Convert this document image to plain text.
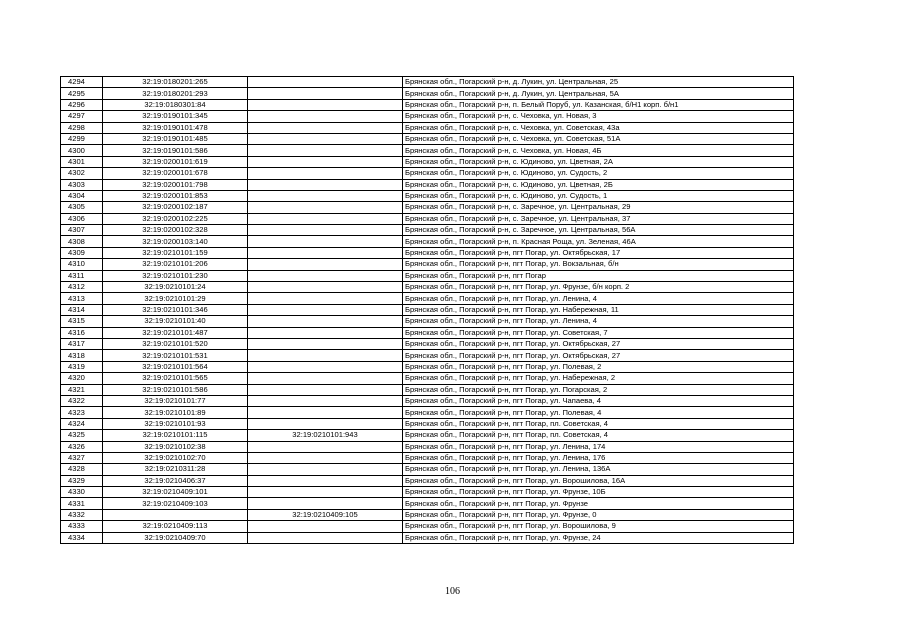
4294	32:19:0180201:265		Брянская обл., Погарский р-н, д. Лукин, ул. Центральная, 25
4295	32:19:0180201:293		Брянская обл., Погарский р-н, д. Лукин, ул. Центральная, 5А
4296	32:19:0180301:84		Брянская обл., Погарский р-н, п. Белый Поруб, ул. Казанская, б/Н1 корп. б/н1
4297	32:19:0190101:345		Брянская обл., Погарский р-н, с. Чеховка, ул. Новая, 3
4298	32:19:0190101:478		Брянская обл., Погарский р-н, с. Чеховка, ул. Советская, 43а
4299	32:19:0190101:485		Брянская обл., Погарский р-н, с. Чеховка, ул. Советская, 51А
4300	32:19:0190101:586		Брянская обл., Погарский р-н, с. Чеховка, ул. Новая, 4Б
4301	32:19:0200101:619		Брянская обл., Погарский р-н, с. Юдиново, ул. Цветная, 2А
4302	32:19:0200101:678		Брянская обл., Погарский р-н, с. Юдиново, ул. Судость, 2
4303	32:19:0200101:798		Брянская обл., Погарский р-н, с. Юдиново, ул. Цветная, 2Б
4304	32:19:0200101:853		Брянская обл., Погарский р-н, с. Юдиново, ул. Судость, 1
4305	32:19:0200102:187		Брянская обл., Погарский р-н, с. Заречное, ул. Центральная, 29
4306	32:19:0200102:225		Брянская обл., Погарский р-н, с. Заречное, ул. Центральная, 37
4307	32:19:0200102:328		Брянская обл., Погарский р-н, с. Заречное, ул. Центральная, 56А
4308	32:19:0200103:140		Брянская обл., Погарский р-н, п. Красная Роща, ул. Зеленая, 46А
4309	32:19:0210101:159		Брянская обл., Погарский р-н, пгт Погар, ул. Октябрьская, 17
4310	32:19:0210101:206		Брянская обл., Погарский р-н, пгт Погар, ул. Вокзальная, б/н
4311	32:19:0210101:230		Брянская обл., Погарский р-н, пгт Погар
4312	32:19:0210101:24		Брянская обл., Погарский р-н, пгт Погар, ул. Фрунзе, б/н корп. 2
4313	32:19:0210101:29		Брянская обл., Погарский р-н, пгт Погар, ул. Ленина, 4
4314	32:19:0210101:346		Брянская обл., Погарский р-н, пгт Погар, ул. Набережная, 11
4315	32:19:0210101:40		Брянская обл., Погарский р-н, пгт Погар, ул. Ленина, 4
4316	32:19:0210101:487		Брянская обл., Погарский р-н, пгт Погар, ул. Советская, 7
4317	32:19:0210101:520		Брянская обл., Погарский р-н, пгт Погар, ул. Октябрьская, 27
4318	32:19:0210101:531		Брянская обл., Погарский р-н, пгт Погар, ул. Октябрьская, 27
4319	32:19:0210101:564		Брянская обл., Погарский р-н, пгт Погар, ул. Полевая, 2
4320	32:19:0210101:565		Брянская обл., Погарский р-н, пгт Погар, ул. Набережная, 2
4321	32:19:0210101:586		Брянская обл., Погарский р-н, пгт Погар, ул. Погарская, 2
4322	32:19:0210101:77		Брянская обл., Погарский р-н, пгт Погар, ул. Чапаева, 4
4323	32:19:0210101:89		Брянская обл., Погарский р-н, пгт Погар, ул. Полевая, 4
4324	32:19:0210101:93		Брянская обл., Погарский р-н, пгт Погар, пл. Советская, 4
4325	32:19:0210101:115	32:19:0210101:943	Брянская обл., Погарский р-н, пгт Погар, пл. Советская, 4
4326	32:19:0210102:38		Брянская обл., Погарский р-н, пгт Погар, ул. Ленина, 174
4327	32:19:0210102:70		Брянская обл., Погарский р-н, пгт Погар, ул. Ленина, 176
4328	32:19:0210311:28		Брянская обл., Погарский р-н, пгт Погар, ул. Ленина, 136А
4329	32:19:0210406:37		Брянская обл., Погарский р-н, пгт Погар, ул. Ворошилова, 16А
4330	32:19:0210409:101		Брянская обл., Погарский р-н, пгт Погар, ул. Фрунзе, 10Б
4331	32:19:0210409:103		Брянская обл., Погарский р-н, пгт Погар, ул. Фрунзе
4332		32:19:0210409:105	Брянская обл., Погарский р-н, пгт Погар, ул. Фрунзе, 0
4333	32:19:0210409:113		Брянская обл., Погарский р-н, пгт Погар, ул. Ворошилова, 9
4334	32:19:0210409:70		Брянская обл., Погарский р-н, пгт Погар, ул. Фрунзе, 24
106
